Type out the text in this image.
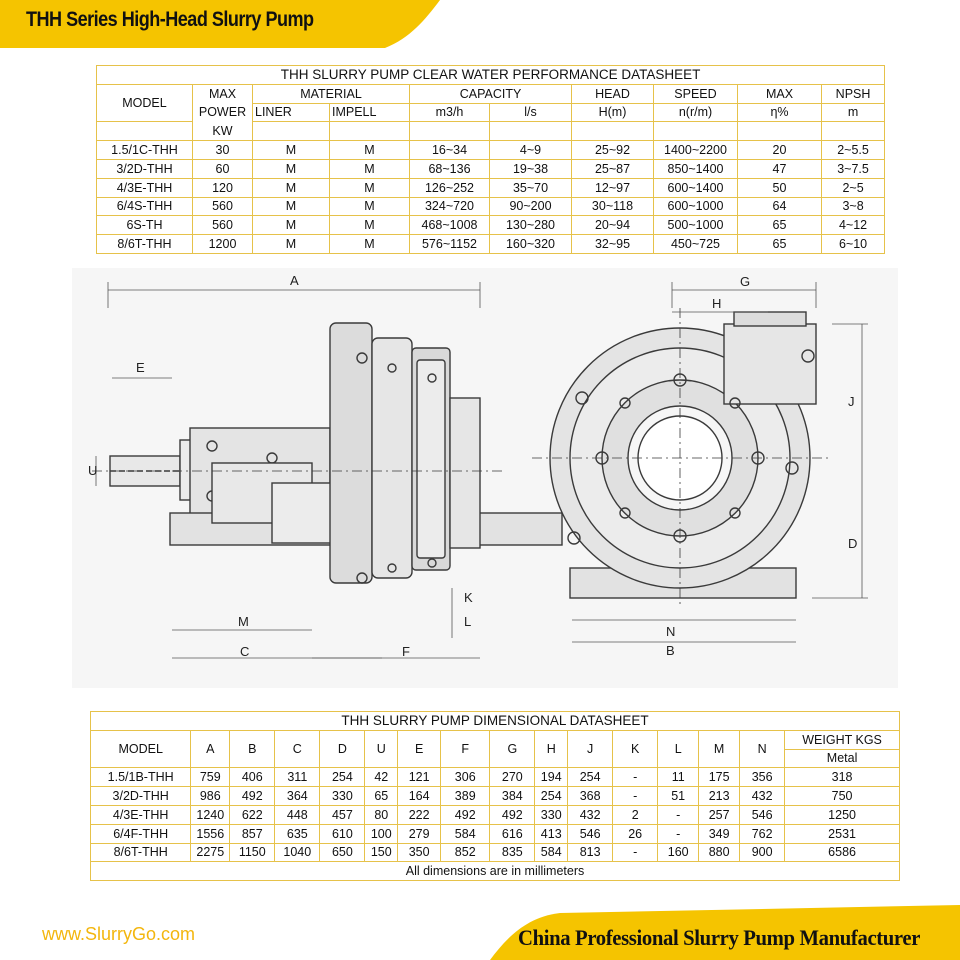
THH Series High-Head Slurry Pump
THH SLURRY PUMP CLEAR WATER PERFORMANCE DATASHEET									
MODEL	MAX	MATERIAL		CAPACITY		HEAD	SPEED	MAX	NPSH
	POWER	LINER	IMPELL	m3/h	l/s	H(m)	n(r/m)	η%	m
	KW								
1.5/1C-THH	30	M	M	16~34	4~9	25~92	1400~2200	20	2~5.5
3/2D-THH	60	M	M	68~136	19~38	25~87	850~1400	47	3~7.5
4/3E-THH	120	M	M	126~252	35~70	12~97	600~1400	50	2~5
6/4S-THH	560	M	M	324~720	90~200	30~118	600~1000	64	3~8
6S-TH	560	M	M	468~1008	130~280	20~94	500~1000	65	4~12
8/6T-THH	1200	M	M	576~1152	160~320	32~95	450~725	65	6~10
A
E
U
K
L
M
C	F
G
H
J
D
N
B
THH SLURRY PUMP DIMENSIONAL DATASHEET															
MODEL	A	B	C	D	U	E	F	G	H	J	K	L	M	N	WEIGHT KGS
															Metal
1.5/1B-THH	759	406	311	254	42	121	306	270	194	254	-	11	175	356	318
3/2D-THH	986	492	364	330	65	164	389	384	254	368	-	51	213	432	750
4/3E-THH	1240	622	448	457	80	222	492	492	330	432	2	-	257	546	1250
6/4F-THH	1556	857	635	610	100	279	584	616	413	546	26	-	349	762	2531
8/6T-THH	2275	1150	1040	650	150	350	852	835	584	813	-	160	880	900	6586
All dimensions are in millimeters															
www.SlurryGo.com	China Professional Slurry Pump Manufacturer
